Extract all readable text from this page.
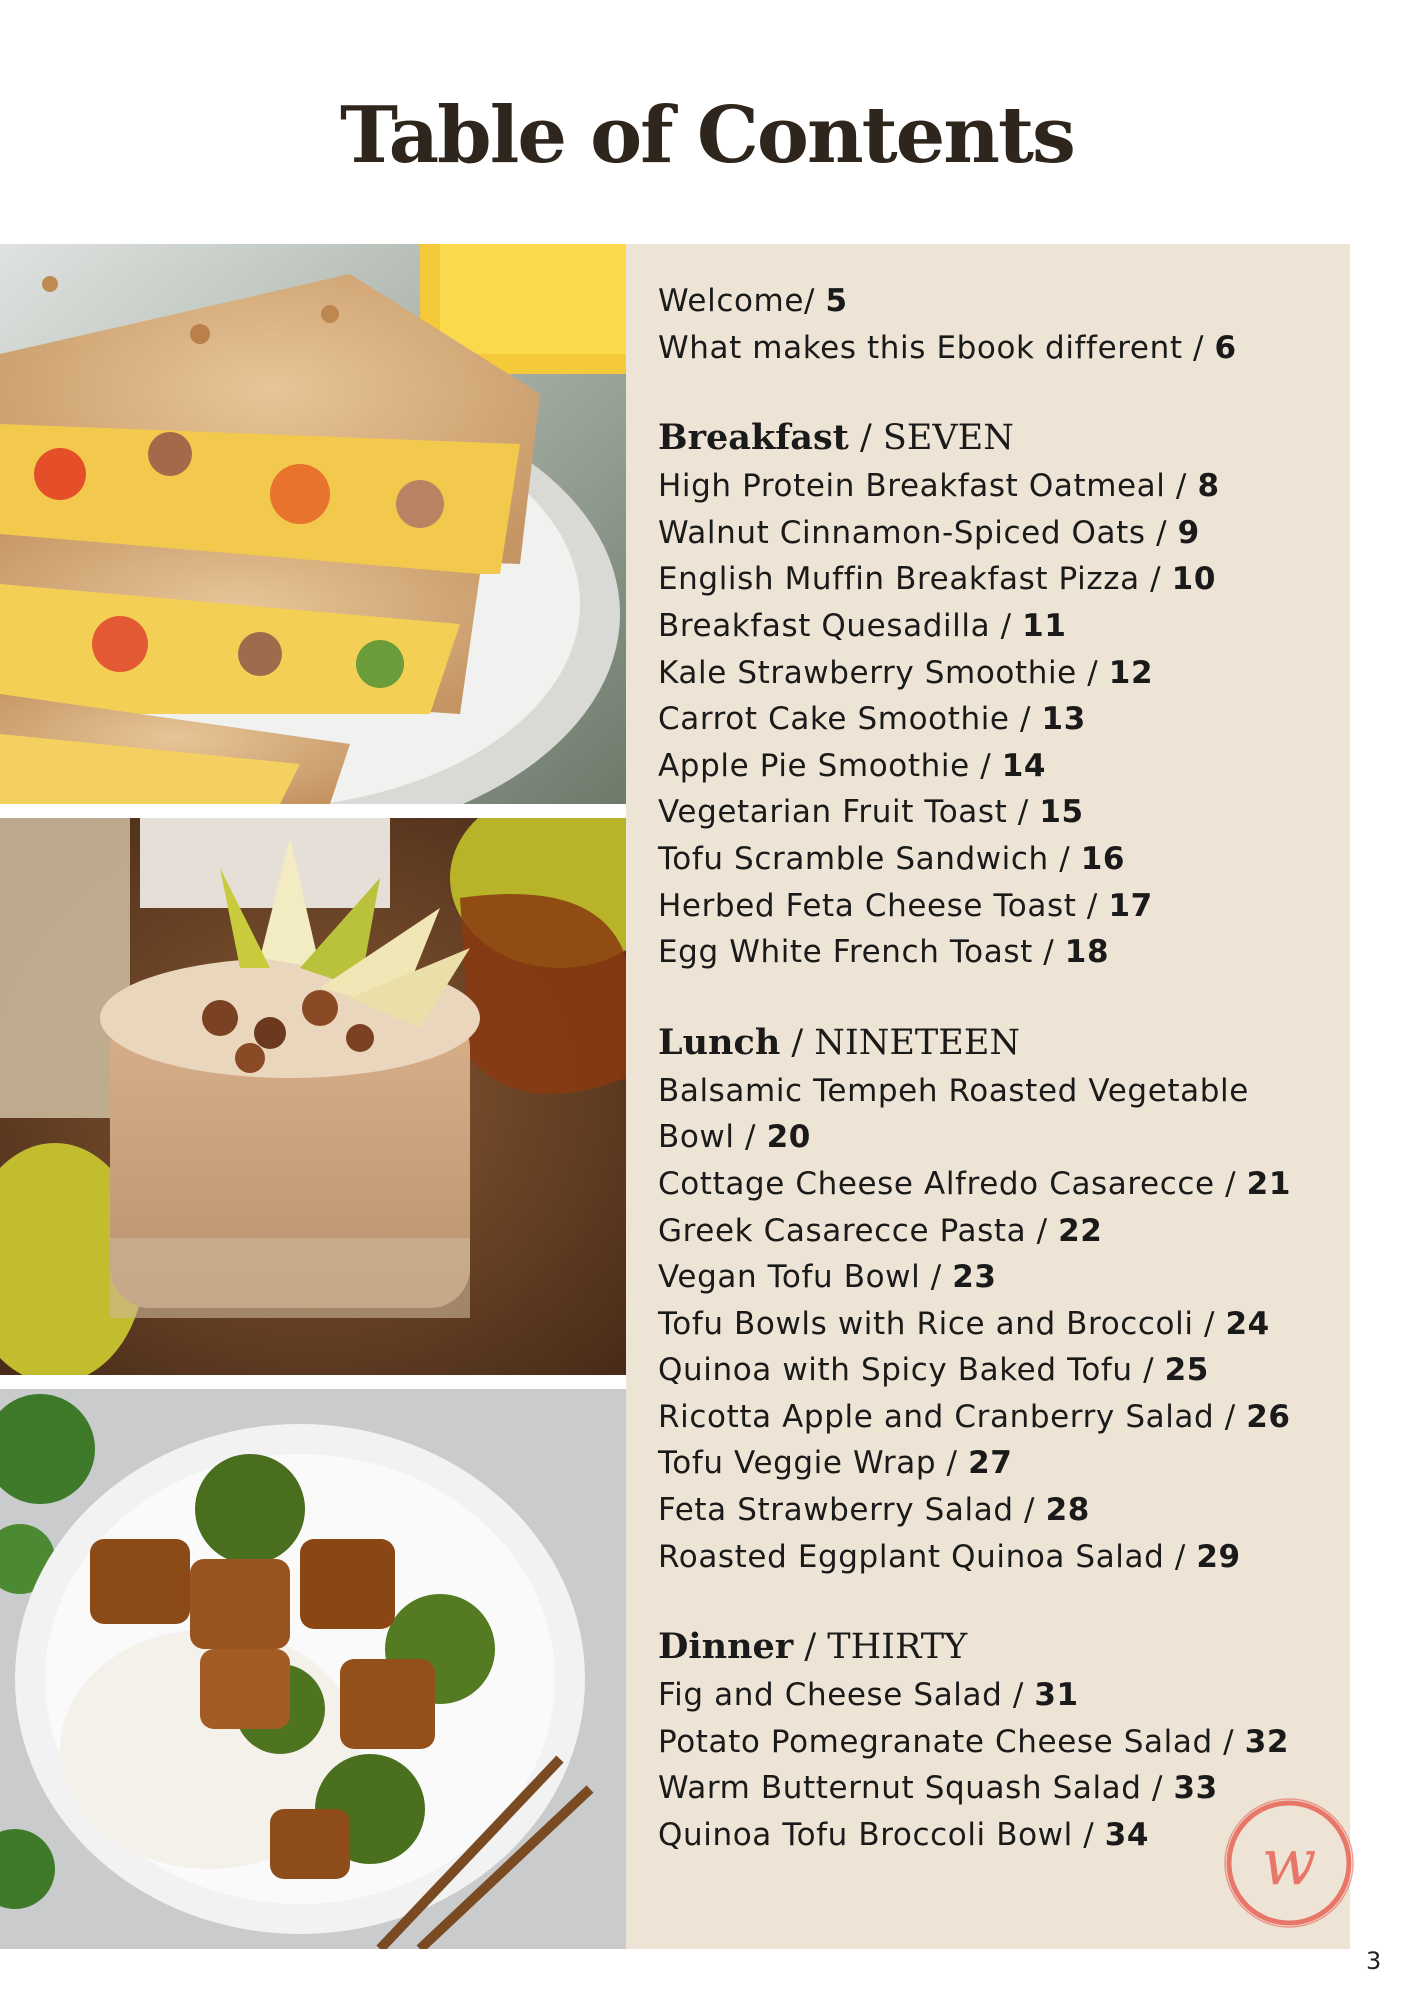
Table of Contents
Welcome/ 5
What makes this Ebook different / 6
Breakfast / SEVEN
High Protein Breakfast Oatmeal / 8
Walnut Cinnamon-Spiced Oats / 9
English Muffin Breakfast Pizza / 10
Breakfast Quesadilla / 11
Kale Strawberry Smoothie / 12
Carrot Cake Smoothie / 13
Apple Pie Smoothie / 14
Vegetarian Fruit Toast / 15
Tofu Scramble Sandwich / 16
Herbed Feta Cheese Toast / 17
Egg White French Toast / 18
Lunch / NINETEEN
Balsamic Tempeh Roasted Vegetable Bowl / 20
Cottage Cheese Alfredo Casarecce / 21
Greek Casarecce Pasta / 22
Vegan Tofu Bowl / 23
Tofu Bowls with Rice and Broccoli / 24
Quinoa with Spicy Baked Tofu / 25
Ricotta Apple and Cranberry Salad / 26
Tofu Veggie Wrap / 27
Feta Strawberry Salad / 28
Roasted Eggplant Quinoa Salad / 29
Dinner / THIRTY
Fig and Cheese Salad / 31
Potato Pomegranate Cheese Salad / 32
Warm Butternut Squash Salad / 33
Quinoa Tofu Broccoli Bowl / 34	w
3
